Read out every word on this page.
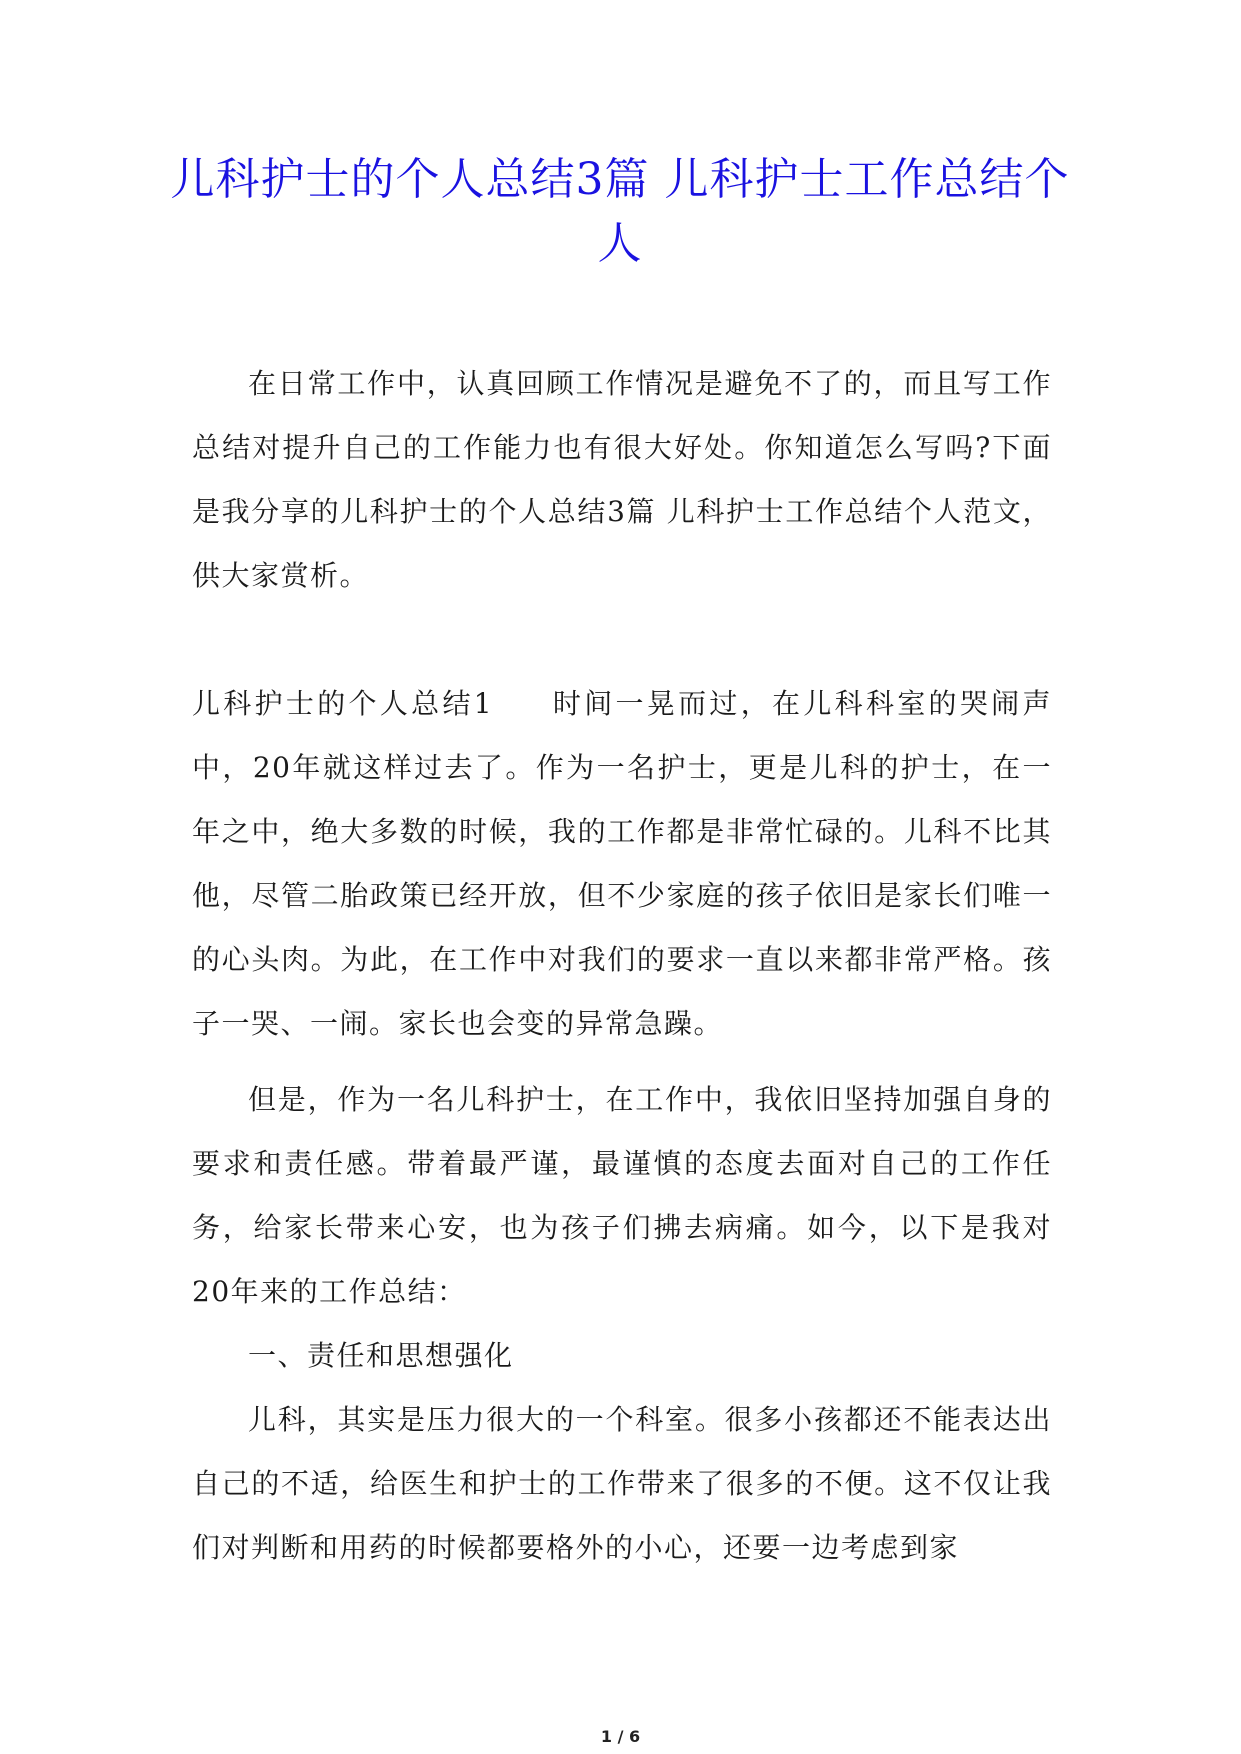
儿科护士的个人总结3篇 儿科护士工作总结个人

在日常工作中，认真回顾工作情况是避免不了的，而且写工作总结对提升自己的工作能力也有很大好处。你知道怎么写吗?下面是我分享的儿科护士的个人总结3篇 儿科护士工作总结个人范文，供大家赏析。

儿科护士的个人总结1 时间一晃而过，在儿科科室的哭闹声中，20年就这样过去了。作为一名护士，更是儿科的护士，在一年之中，绝大多数的时候，我的工作都是非常忙碌的。儿科不比其他，尽管二胎政策已经开放，但不少家庭的孩子依旧是家长们唯一的心头肉。为此，在工作中对我们的要求一直以来都非常严格。孩子一哭、一闹。家长也会变的异常急躁。

但是，作为一名儿科护士，在工作中，我依旧坚持加强自身的要求和责任感。带着最严谨，最谨慎的态度去面对自己的工作任务，给家长带来心安，也为孩子们拂去病痛。如今，以下是我对20年来的工作总结：

一、责任和思想强化

儿科，其实是压力很大的一个科室。很多小孩都还不能表达出自己的不适，给医生和护士的工作带来了很多的不便。这不仅让我们对判断和用药的时候都要格外的小心，还要一边考虑到家

1 / 6
